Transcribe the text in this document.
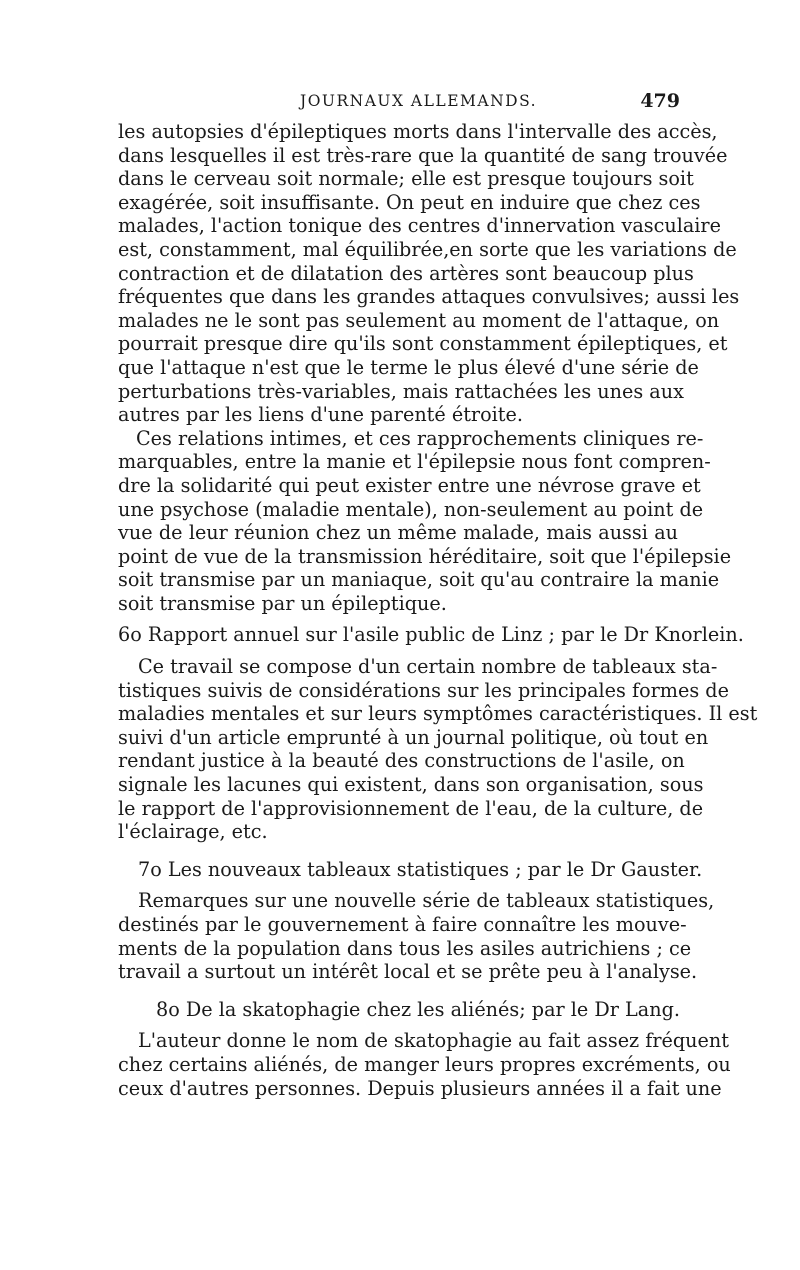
JOURNAUX ALLEMANDS.	479
les autopsies d'épileptiques morts dans l'intervalle des accès,
dans lesquelles il est très-rare que la quantité de sang trouvée
dans le cerveau soit normale; elle est presque toujours soit
exagérée, soit insuffisante. On peut en induire que chez ces
malades, l'action tonique des centres d'innervation vasculaire
est, constamment, mal équilibrée,en sorte que les variations de
contraction et de dilatation des artères sont beaucoup plus
fréquentes que dans les grandes attaques convulsives; aussi les
malades ne le sont pas seulement au moment de l'attaque, on
pourrait presque dire qu'ils sont constamment épileptiques, et
que l'attaque n'est que le terme le plus élevé d'une série de
perturbations très-variables, mais rattachées les unes aux
autres par les liens d'une parenté étroite.
Ces relations intimes, et ces rapprochements cliniques re-
marquables, entre la manie et l'épilepsie nous font compren-
dre la solidarité qui peut exister entre une névrose grave et
une psychose (maladie mentale), non-seulement au point de
vue de leur réunion chez un même malade, mais aussi au
point de vue de la transmission héréditaire, soit que l'épilepsie
soit transmise par un maniaque, soit qu'au contraire la manie
soit transmise par un épileptique.
6o Rapport annuel sur l'asile public de Linz ; par le Dr Knorlein.
Ce travail se compose d'un certain nombre de tableaux sta-
tistiques suivis de considérations sur les principales formes de
maladies mentales et sur leurs symptômes caractéristiques. Il est
suivi d'un article emprunté à un journal politique, où tout en
rendant justice à la beauté des constructions de l'asile, on
signale les lacunes qui existent, dans son organisation, sous
le rapport de l'approvisionnement de l'eau, de la culture, de
l'éclairage, etc.
7o Les nouveaux tableaux statistiques ; par le Dr Gauster.
Remarques sur une nouvelle série de tableaux statistiques,
destinés par le gouvernement à faire connaître les mouve-
ments de la population dans tous les asiles autrichiens ; ce
travail a surtout un intérêt local et se prête peu à l'analyse.
8o De la skatophagie chez les aliénés; par le Dr Lang.
L'auteur donne le nom de skatophagie au fait assez fréquent
chez certains aliénés, de manger leurs propres excréments, ou
ceux d'autres personnes. Depuis plusieurs années il a fait une
